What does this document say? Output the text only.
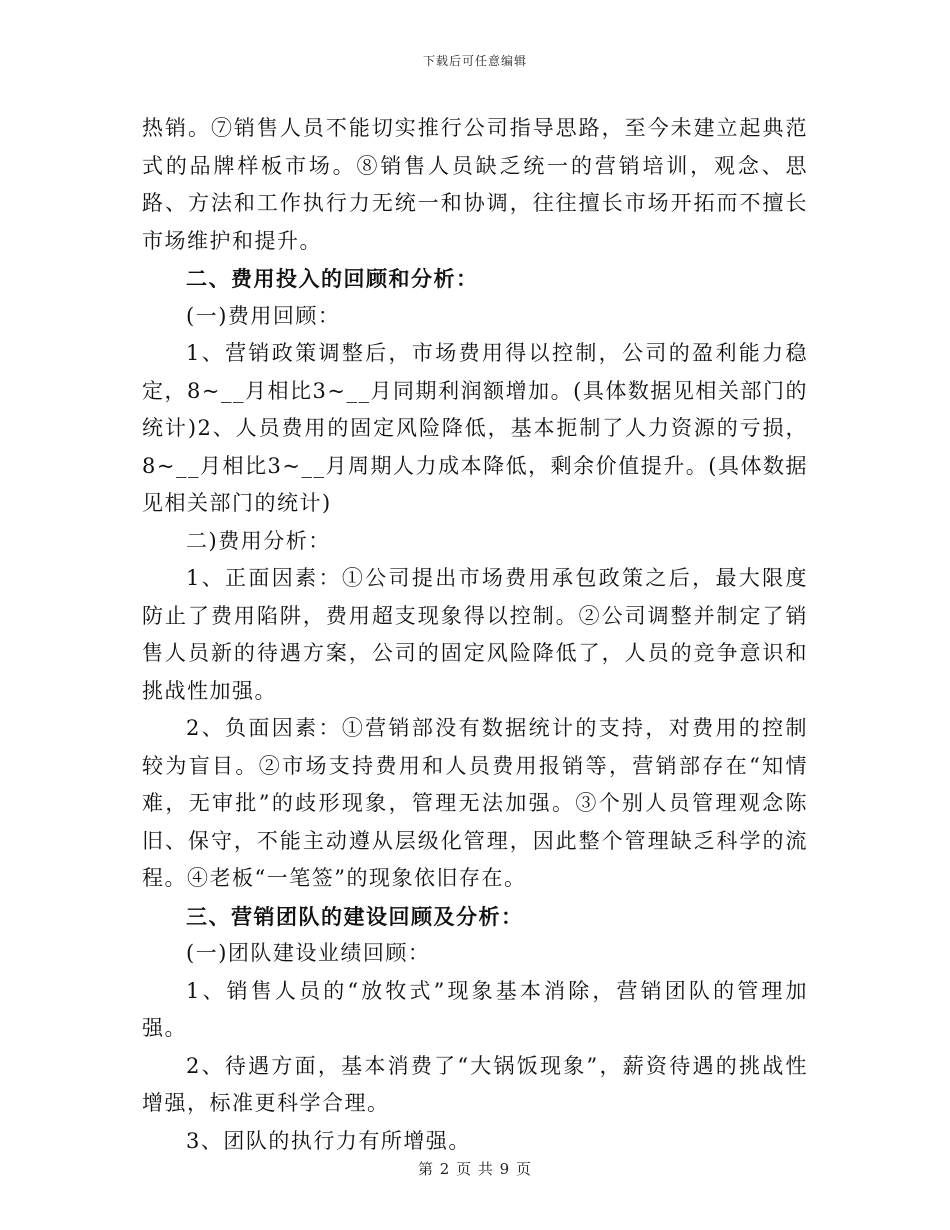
下载后可任意编辑

热销。⑦销售人员不能切实推行公司指导思路，至今未建立起典范式的品牌样板市场。⑧销售人员缺乏统一的营销培训，观念、思路、方法和工作执行力无统一和协调，往往擅长市场开拓而不擅长市场维护和提升。

二、费用投入的回顾和分析：

(一)费用回顾：

1、营销政策调整后，市场费用得以控制，公司的盈利能力稳定，8~__月相比3~__月同期利润额增加。(具体数据见相关部门的统计)2、人员费用的固定风险降低，基本扼制了人力资源的亏损，8~__月相比3~__月周期人力成本降低，剩余价值提升。(具体数据见相关部门的统计)

二)费用分析：

1、正面因素：①公司提出市场费用承包政策之后，最大限度防止了费用陷阱，费用超支现象得以控制。②公司调整并制定了销售人员新的待遇方案，公司的固定风险降低了，人员的竞争意识和挑战性加强。

2、负面因素：①营销部没有数据统计的支持，对费用的控制较为盲目。②市场支持费用和人员费用报销等，营销部存在“知情难，无审批”的歧形现象，管理无法加强。③个别人员管理观念陈旧、保守，不能主动遵从层级化管理，因此整个管理缺乏科学的流程。④老板“一笔签”的现象依旧存在。

三、营销团队的建设回顾及分析：

(一)团队建设业绩回顾：

1、销售人员的“放牧式”现象基本消除，营销团队的管理加强。

2、待遇方面，基本消费了“大锅饭现象”，薪资待遇的挑战性增强，标准更科学合理。

3、团队的执行力有所增强。

第 2 页 共 9 页
